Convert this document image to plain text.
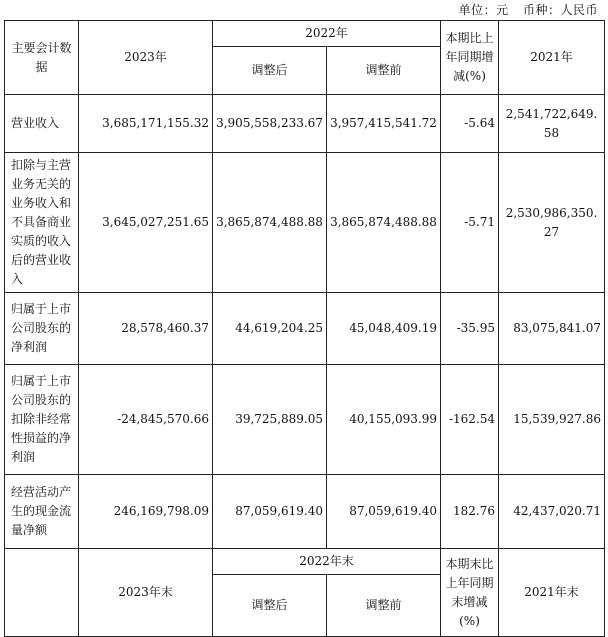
单位：元 币种：人民币
主要会计数据	2023年	2022年		本期比上年同期增减(%)	2021年
		调整后	调整前		
营业收入	3,685,171,155.32	3,905,558,233.67	3,957,415,541.72	-5.64	2,541,722,649.58
扣除与主营业务无关的业务收入和不具备商业实质的收入后的营业收入	3,645,027,251.65	3,865,874,488.88	3,865,874,488.88	-5.71	2,530,986,350.27
归属于上市公司股东的净利润	28,578,460.37	44,619,204.25	45,048,409.19	-35.95	83,075,841.07
归属于上市公司股东的扣除非经常性损益的净利润	-24,845,570.66	39,725,889.05	40,155,093.99	-162.54	15,539,927.86
经营活动产生的现金流量净额	246,169,798.09	87,059,619.40	87,059,619.40	182.76	42,437,020.71
	2023年末	2022年末		本期末比上年同期末增减(%)	2021年末
		调整后	调整前		
